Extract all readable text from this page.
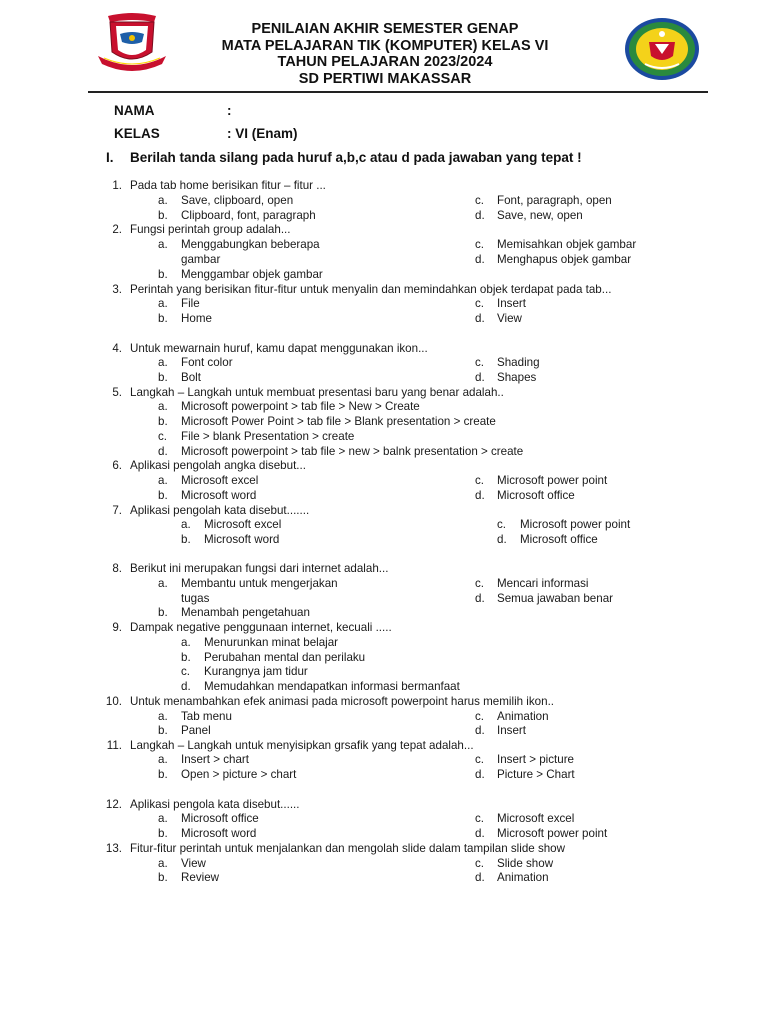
PENILAIAN AKHIR SEMESTER GENAP
MATA PELAJARAN TIK (KOMPUTER) KELAS VI
TAHUN PELAJARAN 2023/2024
SD PERTIWI MAKASSAR
NAMA	:
KELAS	: VI (Enam)
I. Berilah tanda silang pada huruf a,b,c atau d pada jawaban yang tepat !
1. Pada tab home berisikan fitur – fitur ...
a. Save, clipboard, open
b. Clipboard, font, paragraph
c. Font, paragraph, open
d. Save, new, open
2. Fungsi perintah group adalah...
a. Menggabungkan beberapa
b. Menggambar objek gambar
c. Memisahkan objek gambar
d. Menghapus objek gambar
gambar
3. Perintah yang berisikan fitur-fitur untuk menyalin dan memindahkan objek terdapat pada tab...
a. File
b. Home
c. Insert
d. View
4. Untuk mewarnain huruf, kamu dapat menggunakan ikon...
a. Font color
b. Bolt
c. Shading
d. Shapes
5. Langkah – Langkah untuk membuat presentasi baru yang benar adalah..
a. Microsoft powerpoint > tab file > New > Create
b. Microsoft Power Point > tab file > Blank presentation > create
c. File > blank Presentation > create
d. Microsoft powerpoint > tab file > new > balnk presentation > create
6. Aplikasi pengolah angka disebut...
a. Microsoft excel
b. Microsoft word
c. Microsoft power point
d. Microsoft office
7. Aplikasi pengolah kata disebut.......
a. Microsoft excel
b. Microsoft word
c. Microsoft power point
d. Microsoft office
8. Berikut ini merupakan fungsi dari internet adalah...
a. Membantu untuk mengerjakan
b. Menambah pengetahuan
c. Mencari informasi
d. Semua jawaban benar
tugas
9. Dampak negative penggunaan internet, kecuali .....
a. Menurunkan minat belajar
b. Perubahan mental dan perilaku
c. Kurangnya jam tidur
d. Memudahkan mendapatkan informasi bermanfaat
10. Untuk menambahkan efek animasi pada microsoft powerpoint harus memilih ikon..
a. Tab menu
b. Panel
c. Animation
d. Insert
11. Langkah – Langkah untuk menyisipkan grsafik yang tepat adalah...
a. Insert > chart
b. Open > picture > chart
c. Insert > picture
d. Picture > Chart
12. Aplikasi pengola kata disebut......
a. Microsoft office
b. Microsoft word
c. Microsoft excel
d. Microsoft power point
13. Fitur-fitur perintah untuk menjalankan dan mengolah slide dalam tampilan slide show
a. View
b. Review
c. Slide show
d. Animation
